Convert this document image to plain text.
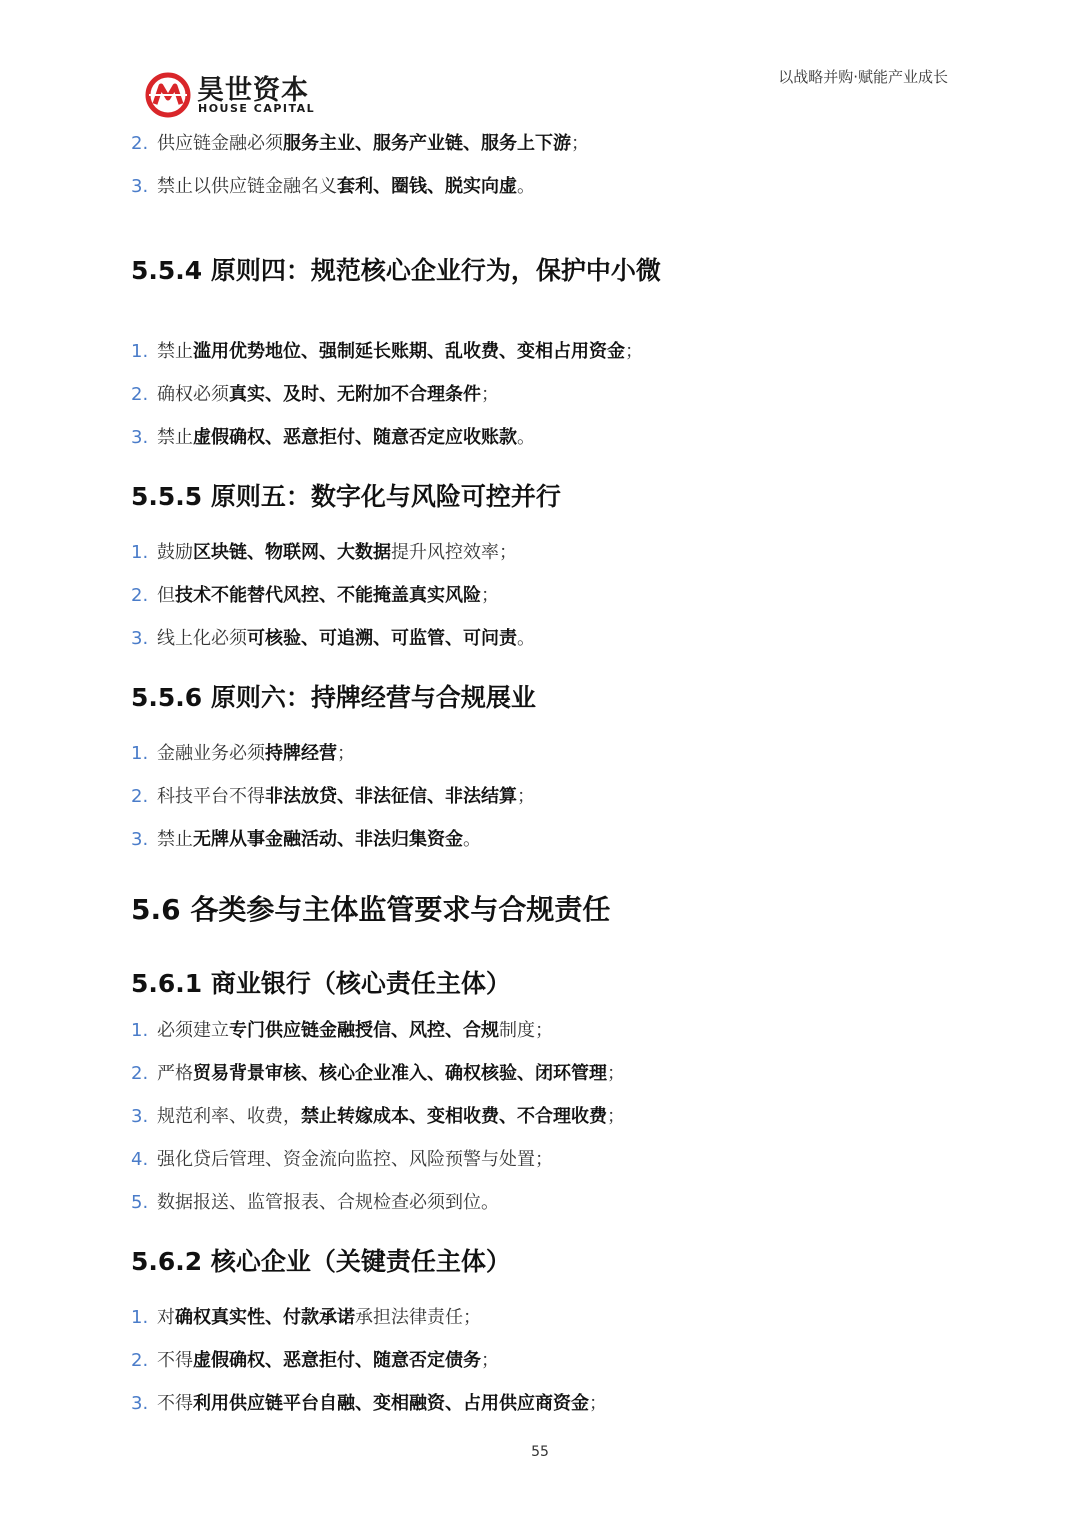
以战略并购·赋能产业成长
昊世资本
HOUSE CAPITAL
2. 供应链金融必须服务主业、服务产业链、服务上下游；
3. 禁止以供应链金融名义套利、圈钱、脱实向虚。
5.5.4 原则四：规范核心企业行为，保护中小微
1. 禁止滥用优势地位、强制延长账期、乱收费、变相占用资金；
2. 确权必须真实、及时、无附加不合理条件；
3. 禁止虚假确权、恶意拒付、随意否定应收账款。
5.5.5 原则五：数字化与风险可控并行
1. 鼓励区块链、物联网、大数据提升风控效率；
2. 但技术不能替代风控、不能掩盖真实风险；
3. 线上化必须可核验、可追溯、可监管、可问责。
5.5.6 原则六：持牌经营与合规展业
1. 金融业务必须持牌经营；
2. 科技平台不得非法放贷、非法征信、非法结算；
3. 禁止无牌从事金融活动、非法归集资金。
5.6 各类参与主体监管要求与合规责任
5.6.1 商业银行（核心责任主体）
1. 必须建立专门供应链金融授信、风控、合规制度；
2. 严格贸易背景审核、核心企业准入、确权核验、闭环管理；
3. 规范利率、收费，禁止转嫁成本、变相收费、不合理收费；
4. 强化贷后管理、资金流向监控、风险预警与处置；
5. 数据报送、监管报表、合规检查必须到位。
5.6.2 核心企业（关键责任主体）
1. 对确权真实性、付款承诺承担法律责任；
2. 不得虚假确权、恶意拒付、随意否定债务；
3. 不得利用供应链平台自融、变相融资、占用供应商资金；
55
